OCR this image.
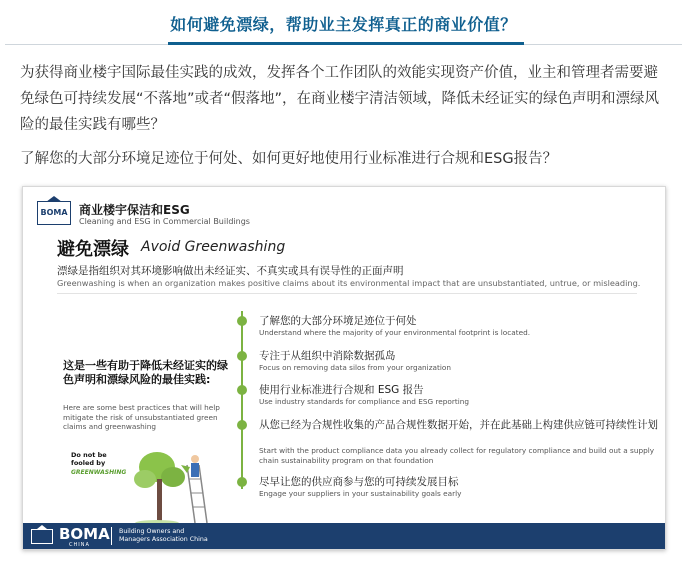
如何避免漂绿，帮助业主发挥真正的商业价值？
为获得商业楼宇国际最佳实践的成效，发挥各个工作团队的效能实现资产价值，业主和管理者需要避免绿色可持续发展“不落地”或者“假落地”，在商业楼宇清洁领域，降低未经证实的绿色声明和漂绿风险的最佳实践有哪些？
了解您的大部分环境足迹位于何处、如何更好地使用行业标准进行合规和ESG报告？
BOMA 商业楼宇保洁和ESG
Cleaning and ESG in Commercial Buildings
避免漂绿 Avoid Greenwashing
漂绿是指组织对其环境影响做出未经证实、不真实或具有误导性的正面声明
Greenwashing is when an organization makes positive claims about its environmental impact that are unsubstantiated, untrue, or misleading.
这是一些有助于降低未经证实的绿色声明和漂绿风险的最佳实践:
Here are some best practices that will help mitigate the risk of unsubstantiated green claims and greenwashing
Do not be
fooled by
GREENWASHING
了解您的大部分环境足迹位于何处
Understand where the majority of your environmental footprint is located.
专注于从组织中消除数据孤岛
Focus on removing data silos from your organization
使用行业标准进行合规和 ESG 报告
Use industry standards for compliance and ESG reporting
从您已经为合规性收集的产品合规性数据开始，并在此基础上构建供应链可持续性计划
Start with the product compliance data you already collect for regulatory compliance and build out a supply chain sustainability program on that foundation
尽早让您的供应商参与您的可持续发展目标
Engage your suppliers in your sustainability goals early
BOMA
CHINA
Building Owners and
Managers Association China
